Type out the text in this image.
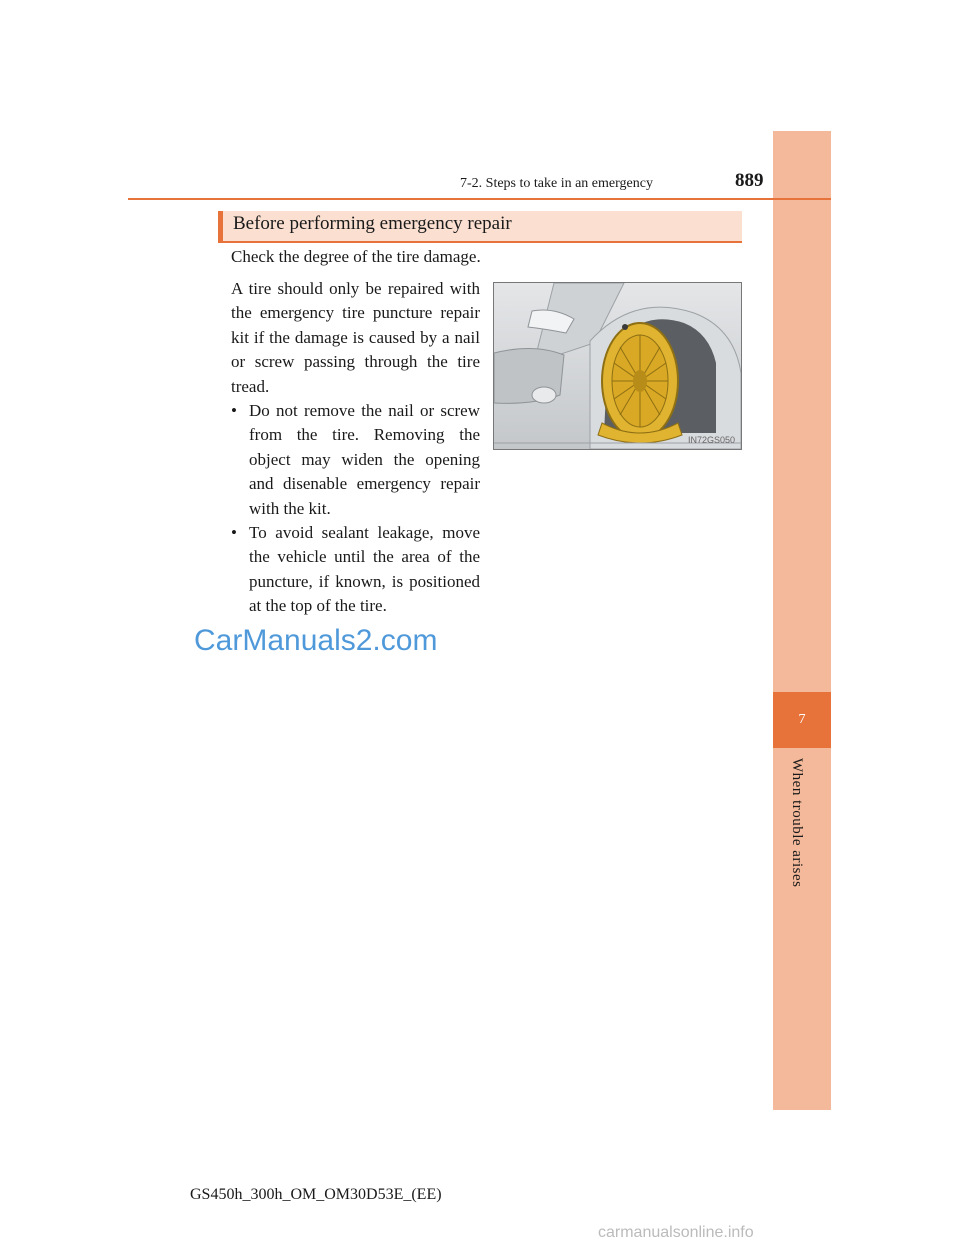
7
When trouble arises
7-2. Steps to take in an emergency	889
Before performing emergency repair
Check the degree of the tire damage.

A tire should only be repaired with the emergency tire puncture repair kit if the damage is caused by a nail or screw passing through the tire tread.

• Do not remove the nail or screw from the tire. Removing the object may widen the opening and disenable emergency repair with the kit.
• To avoid sealant leakage, move the vehicle until the area of the puncture, if known, is positioned at the top of the tire.
IN72GS050
CarManuals2.com
GS450h_300h_OM_OM30D53E_(EE)
carmanualsonline.info
